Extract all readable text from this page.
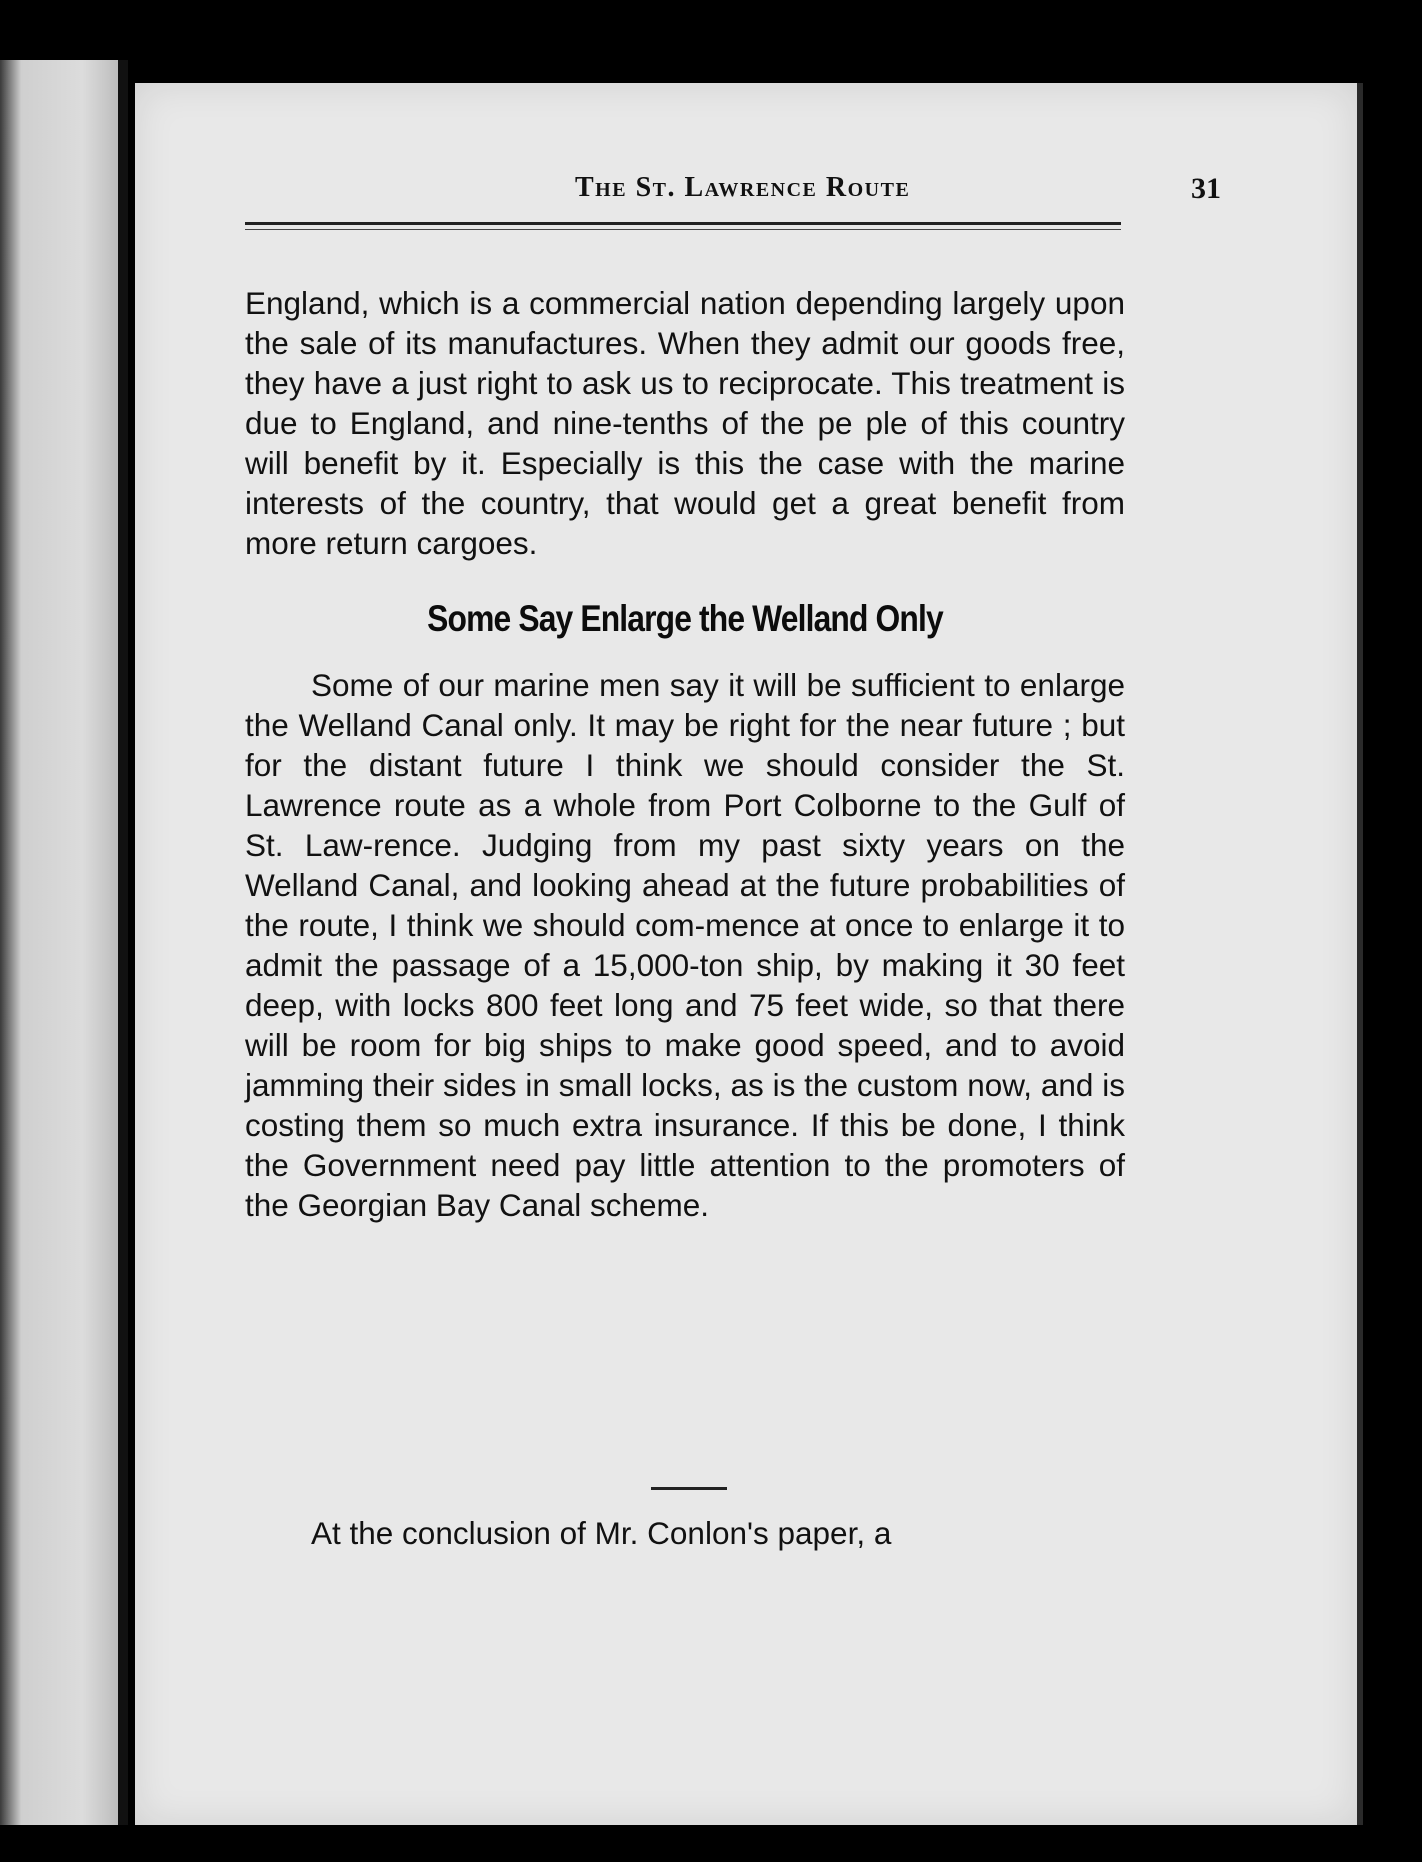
The St. Lawrence Route	31

England, which is a commercial nation depending largely upon the sale of its manufactures. When they admit our goods free, they have a just right to ask us to reciprocate. This treatment is due to England, and nine-tenths of the pe ple of this country will benefit by it. Especially is this the case with the marine interests of the country, that would get a great benefit from more return cargoes.

Some Say Enlarge the Welland Only

Some of our marine men say it will be sufficient to enlarge the Welland Canal only. It may be right for the near future ; but for the distant future I think we should consider the St. Lawrence route as a whole from Port Colborne to the Gulf of St. Law-rence. Judging from my past sixty years on the Welland Canal, and looking ahead at the future probabilities of the route, I think we should com-mence at once to enlarge it to admit the passage of a 15,000-ton ship, by making it 30 feet deep, with locks 800 feet long and 75 feet wide, so that there will be room for big ships to make good speed, and to avoid jamming their sides in small locks, as is the custom now, and is costing them so much extra insurance. If this be done, I think the Government need pay little attention to the promoters of the Georgian Bay Canal scheme.

At the conclusion of Mr. Conlon's paper, a
